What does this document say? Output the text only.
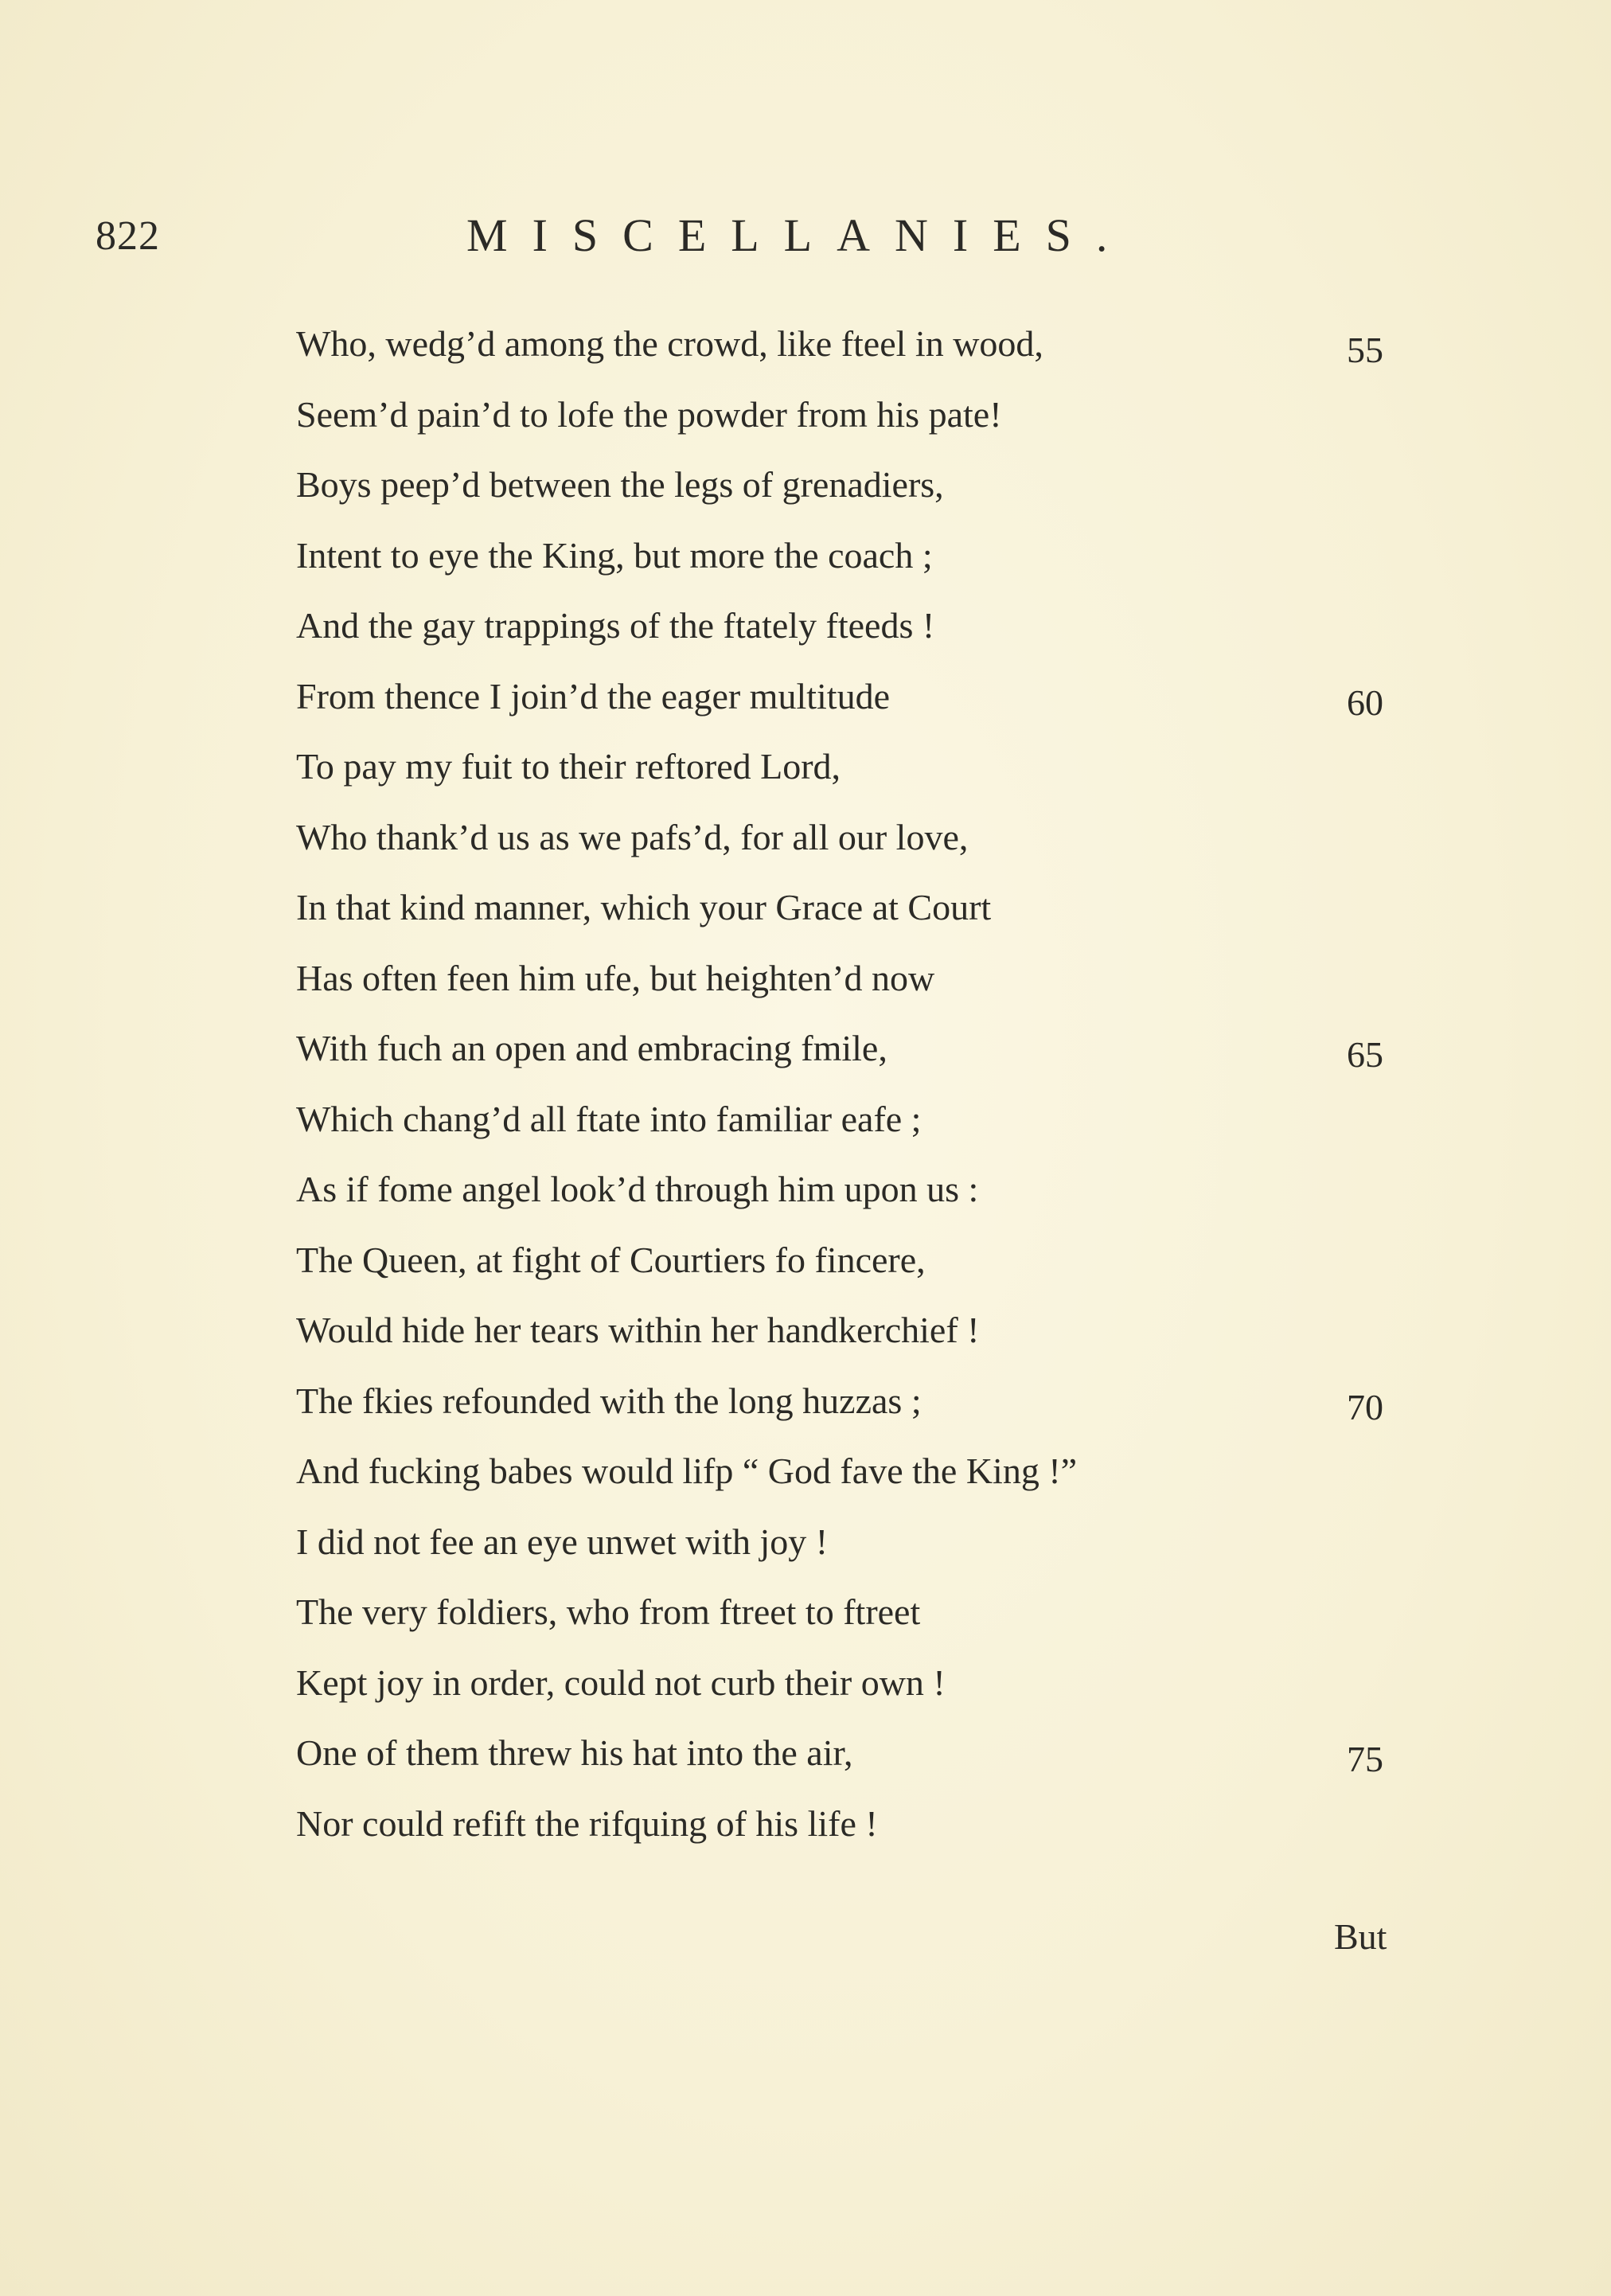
822	MISCELLANIES.
Who, wedg’d among the crowd, like fteel in wood,	55
Seem’d pain’d to lofe the powder from his pate!
Boys peep’d between the legs of grenadiers,
Intent to eye the King, but more the coach ;
And the gay trappings of the ftately fteeds !
From thence I join’d the eager multitude	60
To pay my fuit to their reftored Lord,
Who thank’d us as we pafs’d, for all our love,
In that kind manner, which your Grace at Court
Has often feen him ufe, but heighten’d now
With fuch an open and embracing fmile,	65
Which chang’d all ftate into familiar eafe ;
As if fome angel look’d through him upon us :
The Queen, at fight of Courtiers fo fincere,
Would hide her tears within her handkerchief !
The fkies refounded with the long huzzas ;	70
And fucking babes would lifp “ God fave the King !”
I did not fee an eye unwet with joy !
The very foldiers, who from ftreet to ftreet
Kept joy in order, could not curb their own !
One of them threw his hat into the air,	75
Nor could refift the rifquing of his life !
But
